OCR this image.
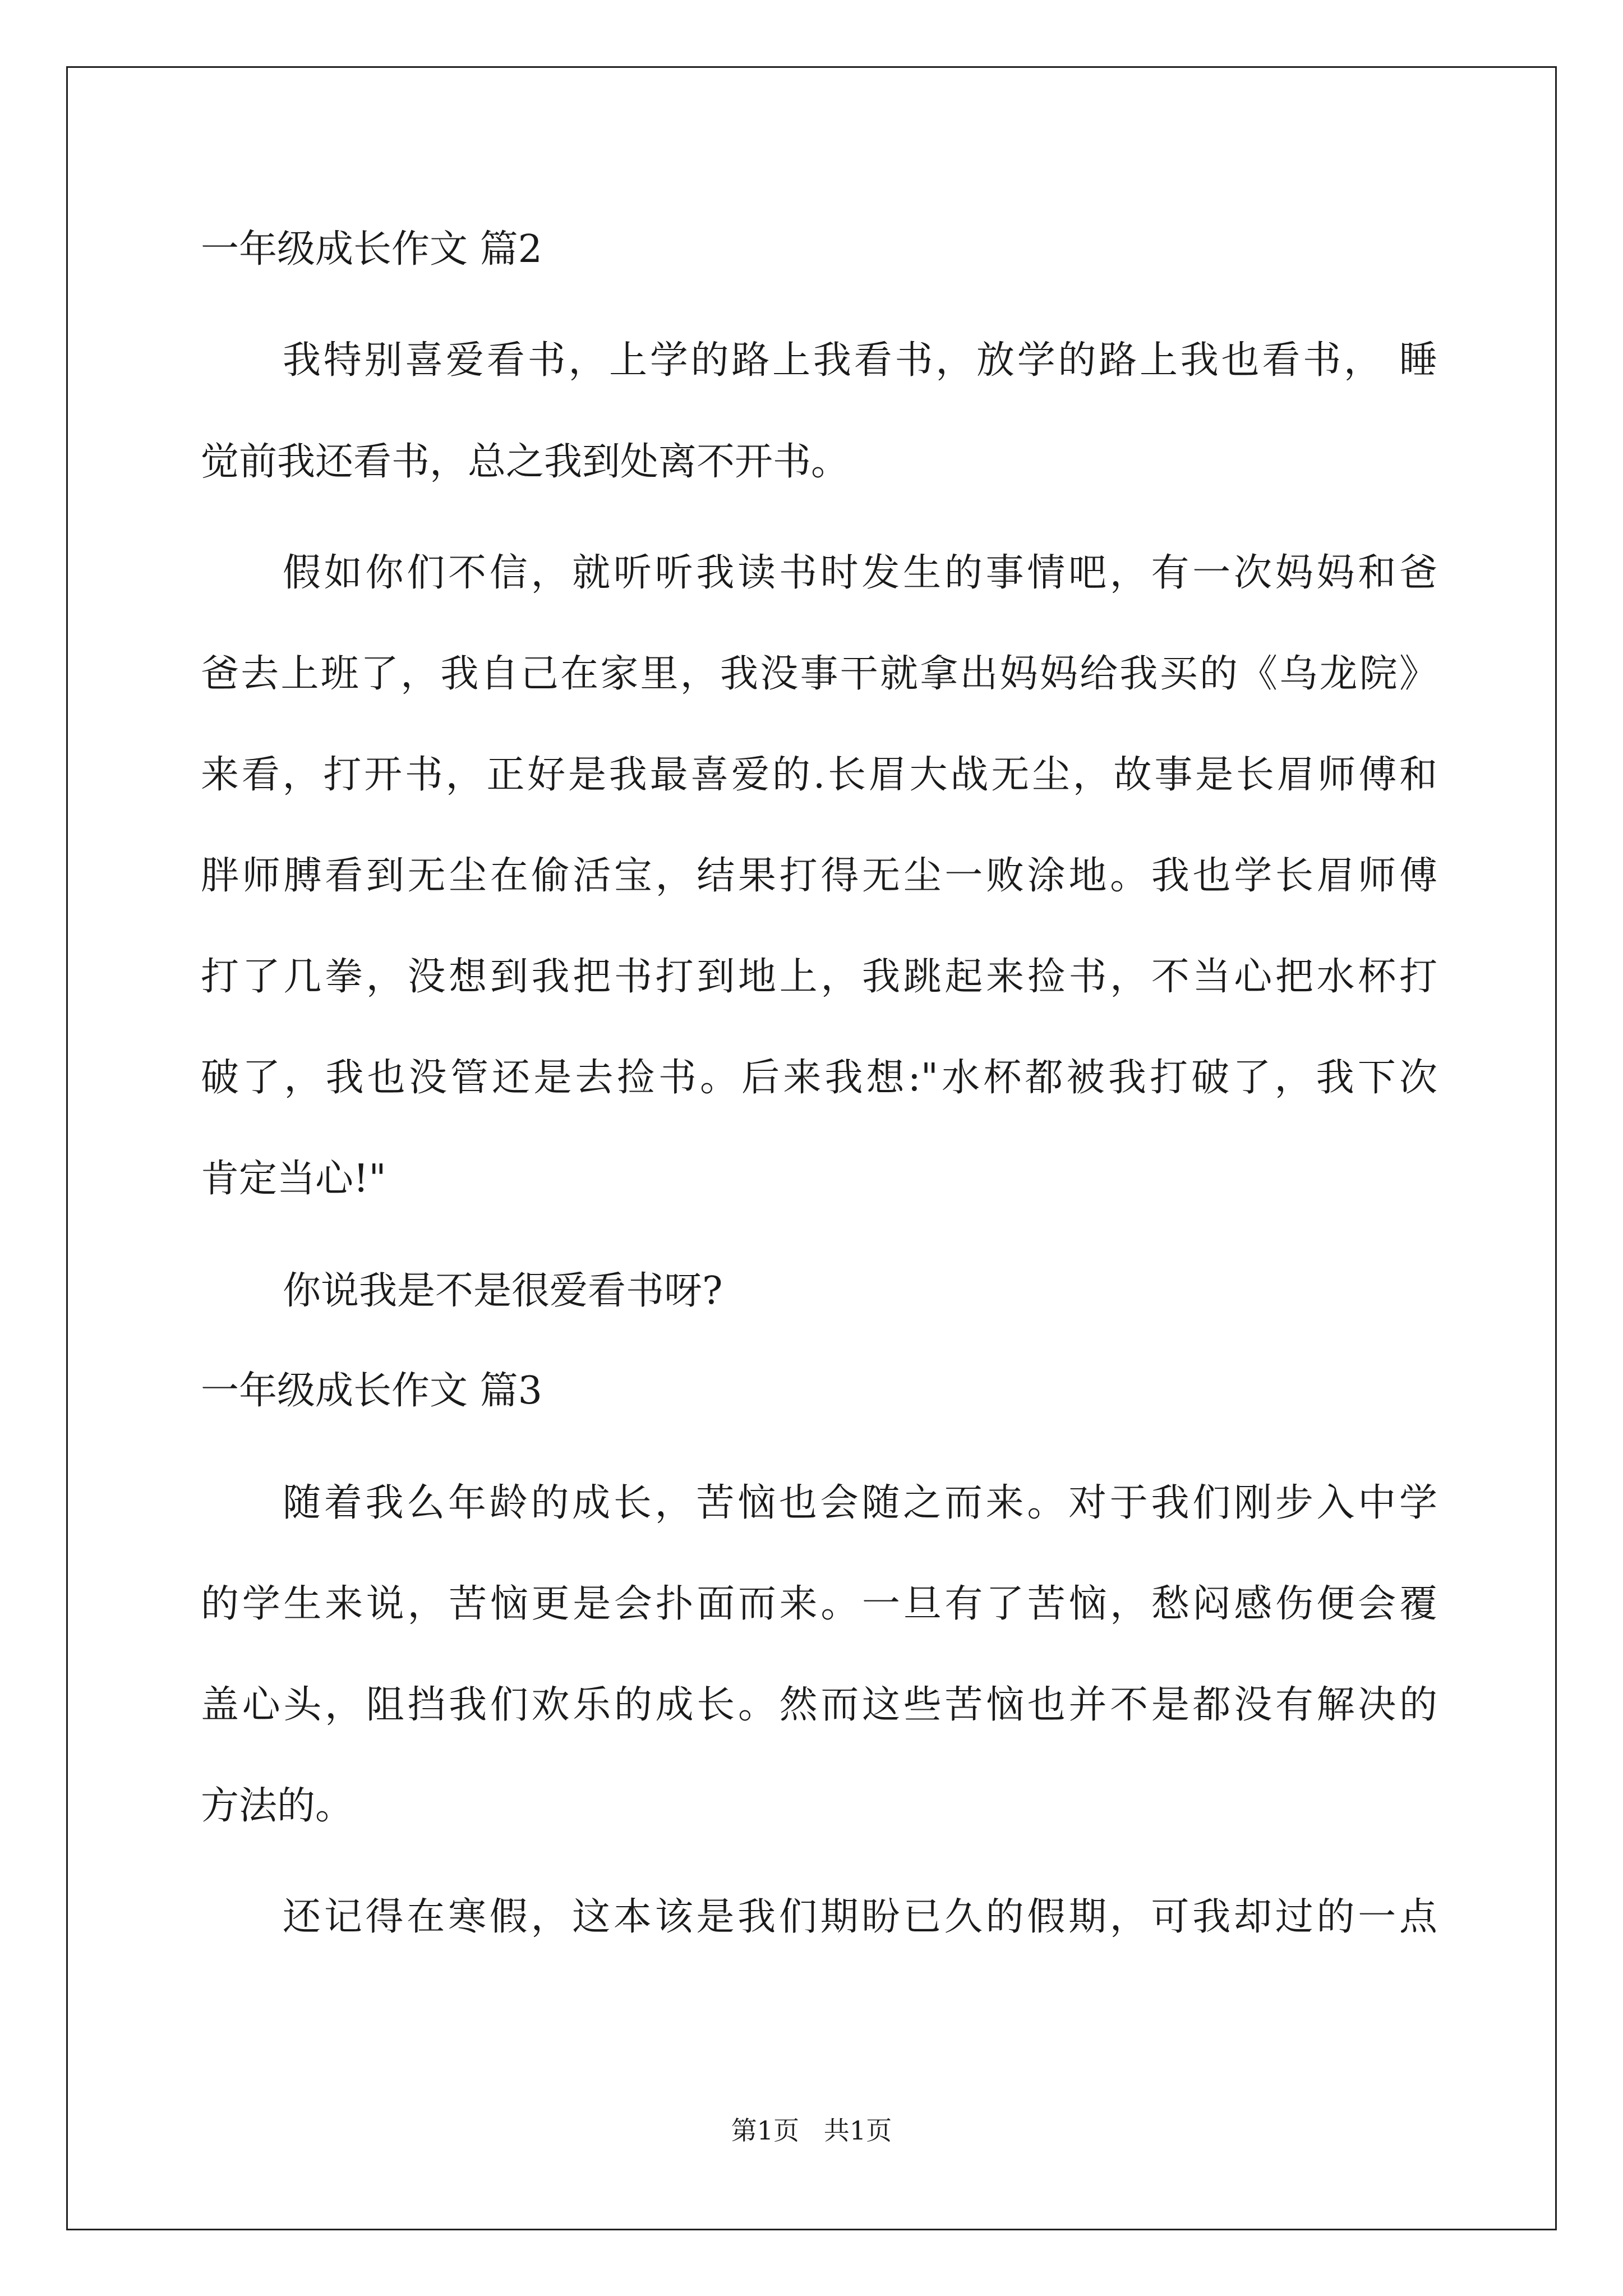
一年级成长作文 篇2
我特别喜爱看书，上学的路上我看书，放学的路上我也看书， 睡
觉前我还看书，总之我到处离不开书。
假如你们不信，就听听我读书时发生的事情吧，有一次妈妈和爸
爸去上班了，我自己在家里，我没事干就拿出妈妈给我买的《乌龙院》
来看，打开书，正好是我最喜爱的.长眉大战无尘，故事是长眉师傅和
胖师膊看到无尘在偷活宝，结果打得无尘一败涂地。我也学长眉师傅
打了几拳，没想到我把书打到地上，我跳起来捡书，不当心把水杯打
破了，我也没管还是去捡书。后来我想:"水杯都被我打破了，我下次
肯定当心!"
你说我是不是很爱看书呀?
一年级成长作文 篇3
随着我么年龄的成长，苦恼也会随之而来。对于我们刚步入中学
的学生来说，苦恼更是会扑面而来。一旦有了苦恼，愁闷感伤便会覆
盖心头，阻挡我们欢乐的成长。然而这些苦恼也并不是都没有解决的
方法的。
还记得在寒假，这本该是我们期盼已久的假期，可我却过的一点
第1页   共1页
